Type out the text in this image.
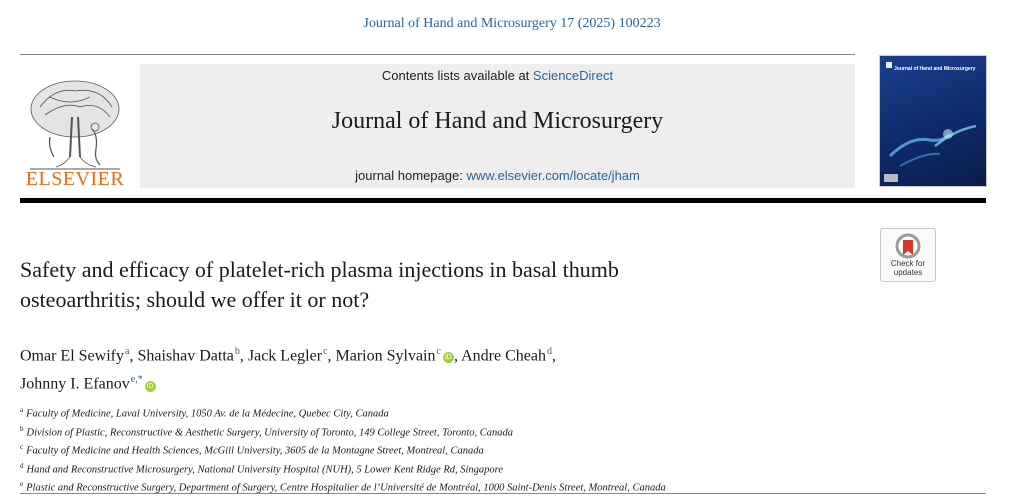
Journal of Hand and Microsurgery 17 (2025) 100223
ELSEVIER
Contents lists available at ScienceDirect
Journal of Hand and Microsurgery
journal homepage: www.elsevier.com/locate/jham
Journal of Hand and Microsurgery
Check for
updates
Safety and efficacy of platelet-rich plasma injections in basal thumb
osteoarthritis; should we offer it or not?
Omar El Sewify$^a$, Shaishav Datta$^b$, Jack Legler$^c$, Marion Sylvain$^c$iD , Andre Cheah$^d$,
Johnny I. Efanov$^{e,*}$iD
$^a$ Faculty of Medicine, Laval University, 1050 Av. de la Médecine, Quebec City, Canada
$^b$ Division of Plastic, Reconstructive & Aesthetic Surgery, University of Toronto, 149 College Street, Toronto, Canada
$^c$ Faculty of Medicine and Health Sciences, McGill University, 3605 de la Montagne Street, Montreal, Canada
$^d$ Hand and Reconstructive Microsurgery, National University Hospital (NUH), 5 Lower Kent Ridge Rd, Singapore
$^e$ Plastic and Reconstructive Surgery, Department of Surgery, Centre Hospitalier de l’Université de Montréal, 1000 Saint-Denis Street, Montreal, Canada
